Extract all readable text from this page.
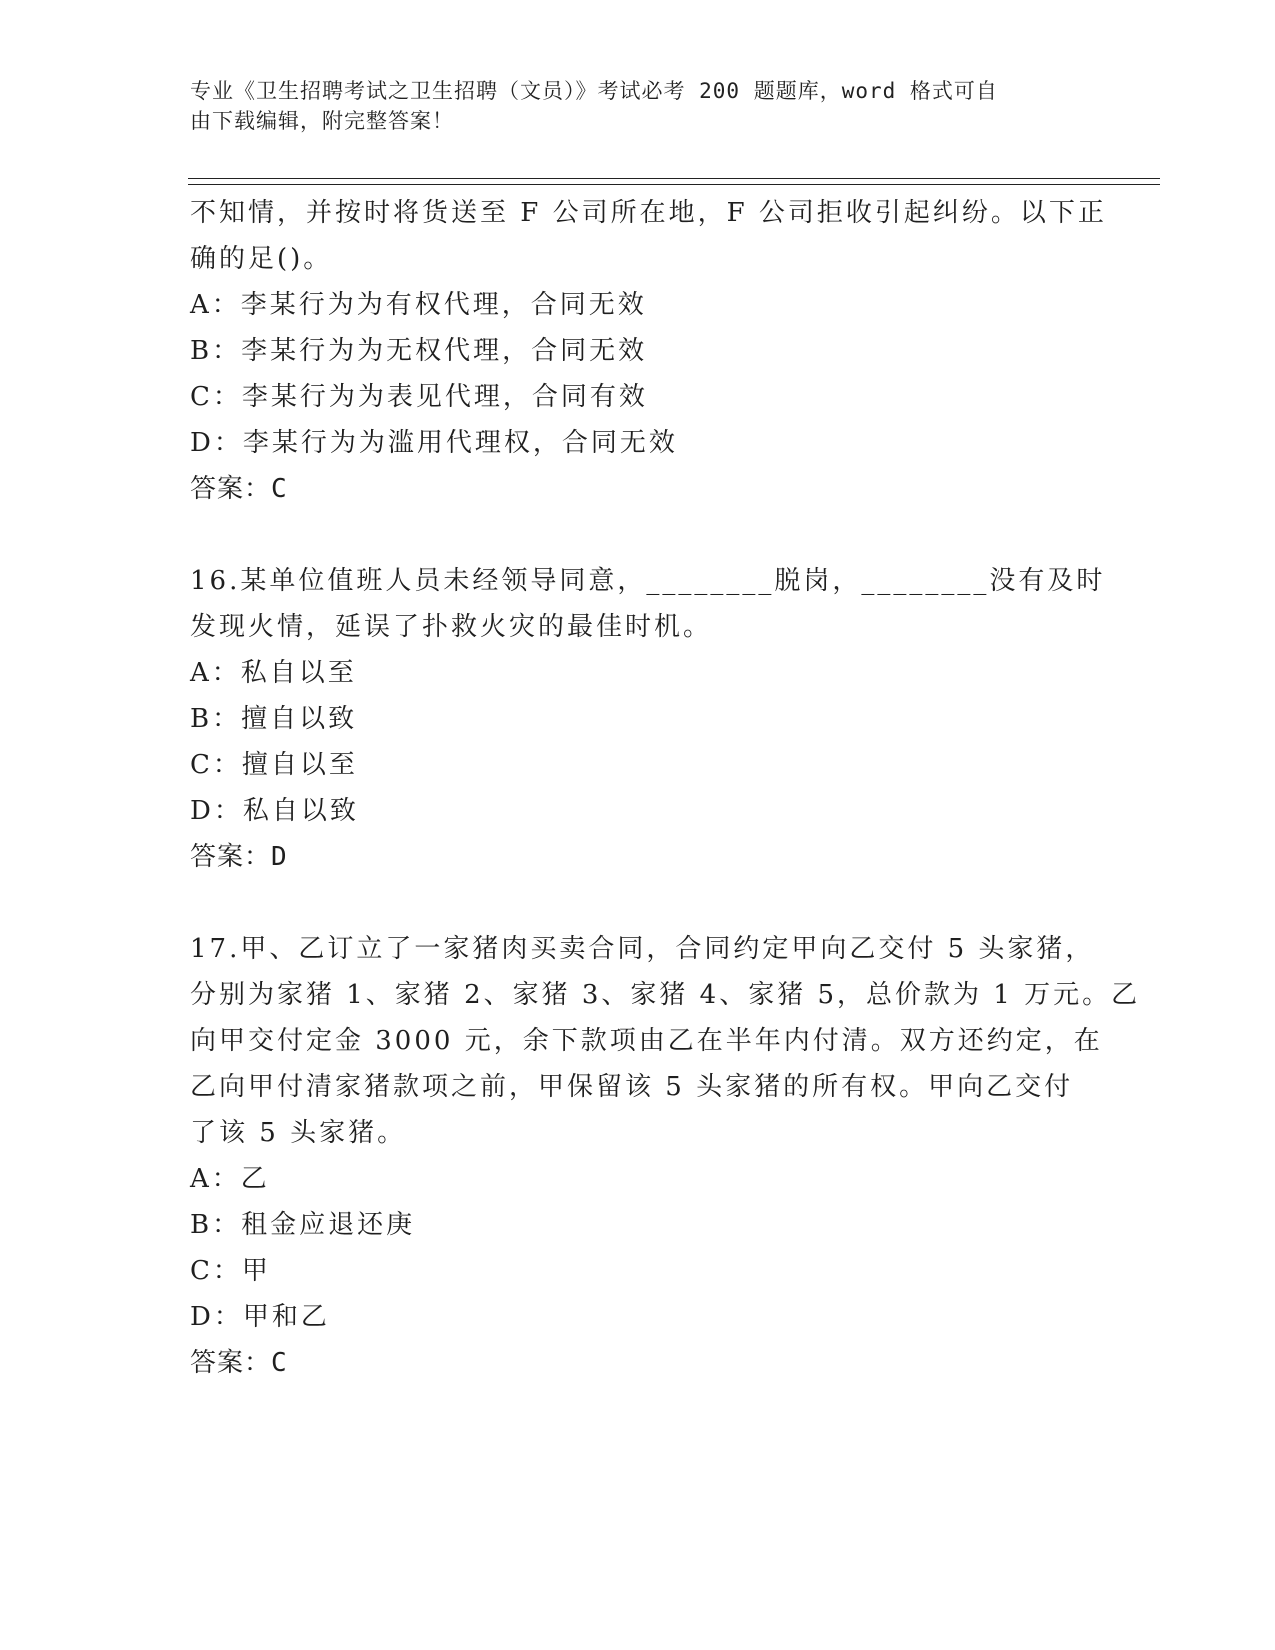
专业《卫生招聘考试之卫生招聘（文员）》考试必考 200 题题库，word 格式可自
由下载编辑，附完整答案！
不知情，并按时将货送至 F 公司所在地，F 公司拒收引起纠纷。以下正
确的足()。
A：李某行为为有权代理，合同无效
B：李某行为为无权代理，合同无效
C：李某行为为表见代理，合同有效
D：李某行为为滥用代理权，合同无效
答案：C
16.某单位值班人员未经领导同意，________脱岗，________没有及时
发现火情，延误了扑救火灾的最佳时机。
A：私自以至
B：擅自以致
C：擅自以至
D：私自以致
答案：D
17.甲、乙订立了一家猪肉买卖合同，合同约定甲向乙交付 5 头家猪，
分别为家猪 1、家猪 2、家猪 3、家猪 4、家猪 5，总价款为 1 万元。乙
向甲交付定金 3000 元，余下款项由乙在半年内付清。双方还约定，在
乙向甲付清家猪款项之前，甲保留该 5 头家猪的所有权。甲向乙交付
了该 5 头家猪。
A：乙
B：租金应退还庚
C：甲
D：甲和乙
答案：C
